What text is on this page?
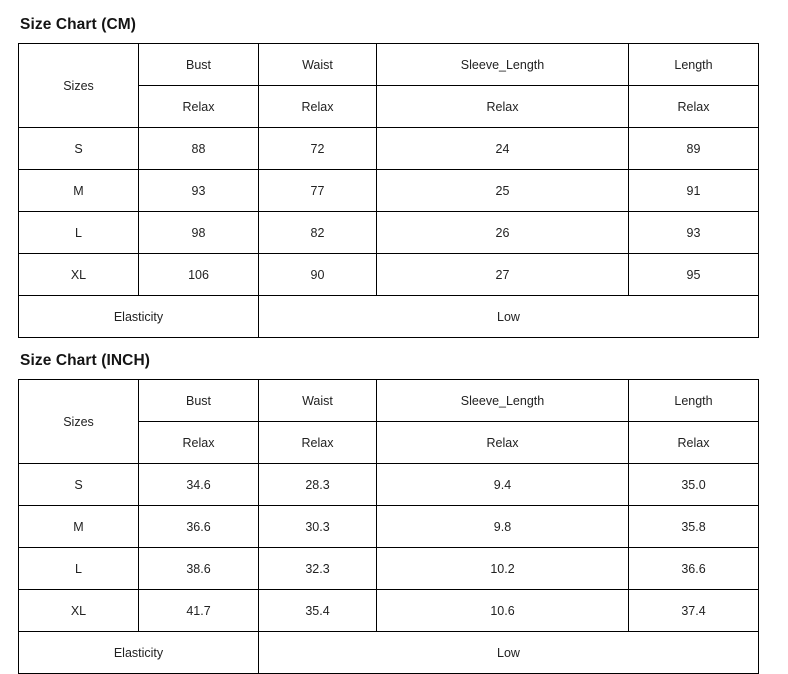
Size Chart (CM)
Sizes	Bust	Waist	Sleeve_Length	Length
	Relax	Relax	Relax	Relax
S	88	72	24	89
M	93	77	25	91
L	98	82	26	93
XL	106	90	27	95
Elasticity		Low		
Size Chart (INCH)
Sizes	Bust	Waist	Sleeve_Length	Length
	Relax	Relax	Relax	Relax
S	34.6	28.3	9.4	35.0
M	36.6	30.3	9.8	35.8
L	38.6	32.3	10.2	36.6
XL	41.7	35.4	10.6	37.4
Elasticity		Low		
